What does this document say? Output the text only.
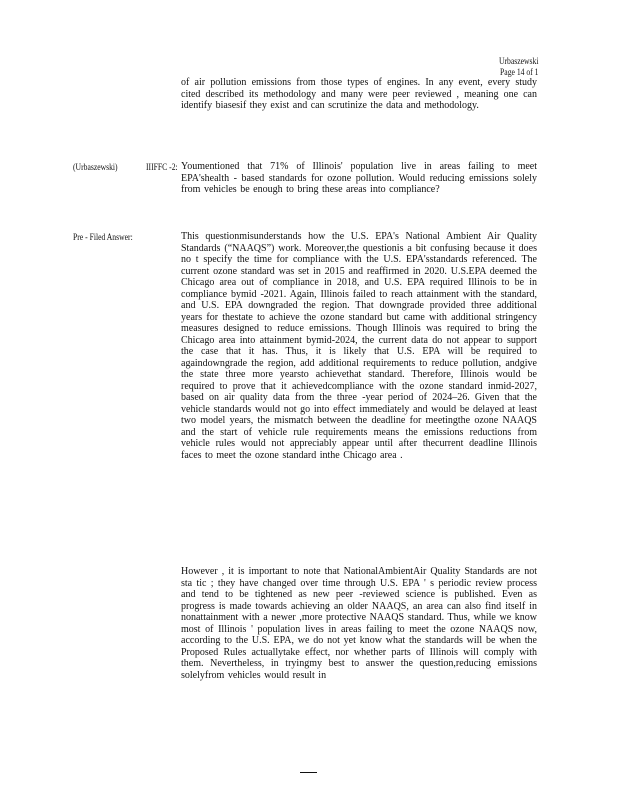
Urbaszewski
Page 14 of 1
of air pollution emissions from those types of engines. In any event, every study cited described its methodology and many were peer reviewed , meaning one can identify biasesif they exist and can scrutinize the data and methodology.
(Urbaszewski)	IIIFFC -2: Youmentioned that 71% of Illinois' population live in areas failing to meet EPA'shealth - based standards for ozone pollution. Would reducing emissions solely from vehicles be enough to bring these areas into compliance?
Pre - Filed Answer:	This questionmisunderstands how the U.S. EPA's National Ambient Air Quality Standards (“NAAQS”) work. Moreover,the questionis a bit confusing because it does no t specify the time for compliance with the U.S. EPA'sstandards referenced. The current ozone standard was set in 2015 and reaffirmed in 2020. U.S.EPA deemed the Chicago area out of compliance in 2018, and U.S. EPA required Illinois to be in compliance bymid -2021. Again, Illinois failed to reach attainment with the standard, and U.S. EPA downgraded the region. That downgrade provided three additional years for thestate to achieve the ozone standard but came with additional stringency measures designed to reduce emissions. Though Illinois was required to bring the Chicago area into attainment bymid-2024, the current data do not appear to support the case that it has. Thus, it is likely that U.S. EPA will be required to againdowngrade the region, add additional requirements to reduce pollution, andgive the state three more yearsto achievethat standard. Therefore, Illinois would be required to prove that it achievedcompliance with the ozone standard inmid-2027, based on air quality data from the three -year period of 2024–26. Given that the vehicle standards would not go into effect immediately and would be delayed at least two model years, the mismatch between the deadline for meetingthe ozone NAAQS and the start of vehicle rule requirements means the emissions reductions from vehicle rules would not appreciably appear until after thecurrent deadline Illinois faces to meet the ozone standard inthe Chicago area .
However , it is important to note that NationalAmbientAir Quality Standards are not sta tic ; they have changed over time through U.S. EPA ' s periodic review process and tend to be tightened as new peer -reviewed science is published. Even as progress is made towards achieving an older NAAQS, an area can also find itself in nonattainment with a newer ,more protective NAAQS standard. Thus, while we know most of Illinois ' population lives in areas failing to meet the ozone NAAQS now, according to the U.S. EPA, we do not yet know what the standards will be when the Proposed Rules actuallytake effect, nor whether parts of Illinois will comply with them. Nevertheless, in tryingmy best to answer the question,reducing emissions solelyfrom vehicles would result in
